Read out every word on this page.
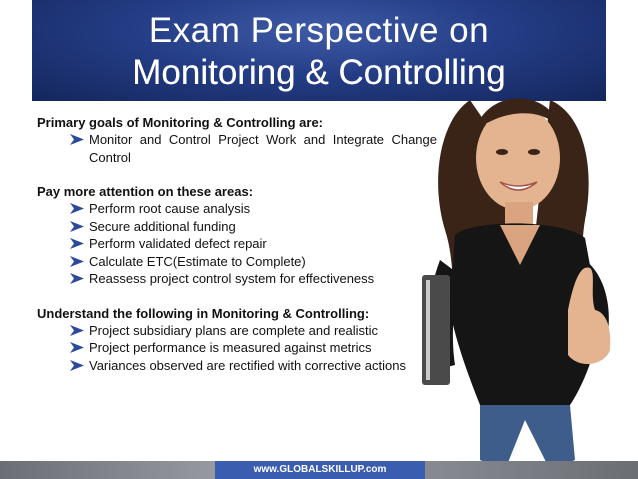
Exam Perspective on
Monitoring & Controlling

Primary goals of Monitoring & Controlling are:

Monitor and Control Project Work and Integrate Change Control

Pay more attention on these areas:

Perform root cause analysis
Secure additional funding
Perform validated defect repair
Calculate ETC(Estimate to Complete)
Reassess project control system for effectiveness

Understand the following in Monitoring & Controlling:

Project subsidiary plans are complete and realistic
Project performance is measured against metrics
Variances observed are rectified with corrective actions
www.GLOBALSKILLUP.com
